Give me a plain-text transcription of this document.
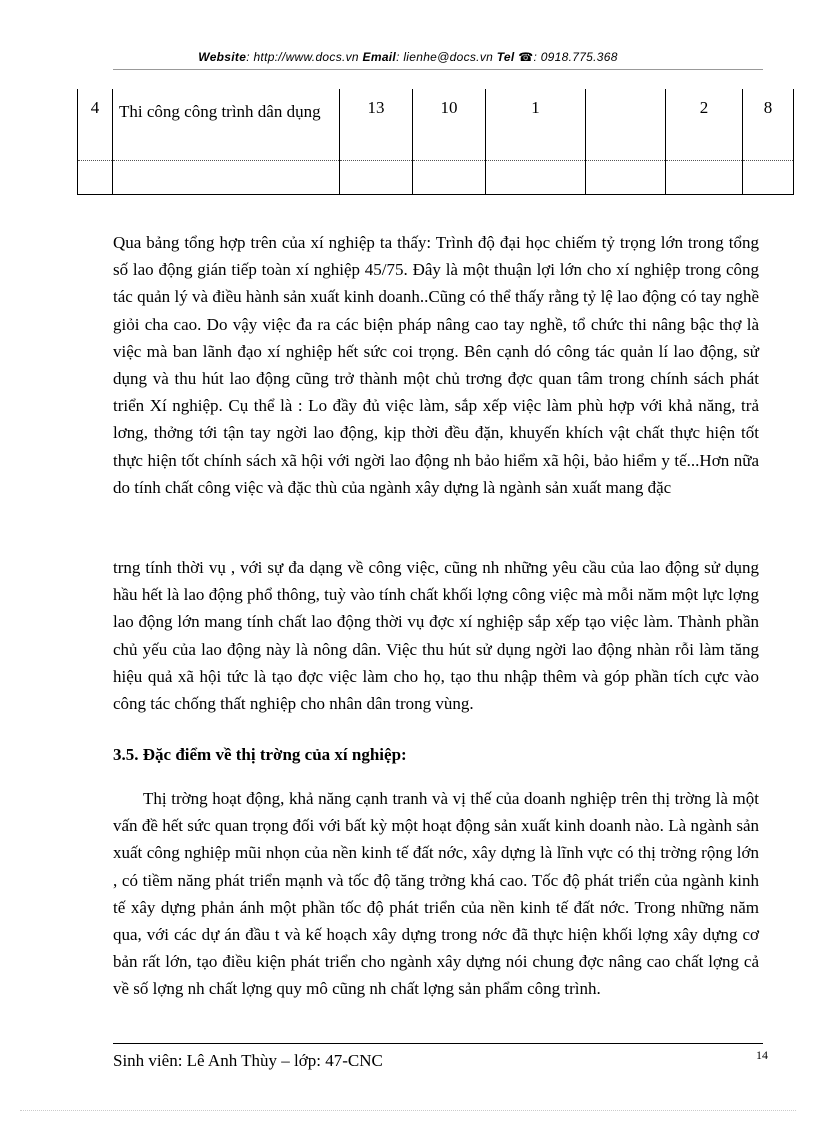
Website: http://www.docs.vn Email: lienhe@docs.vn Tel ☎: 0918.775.368
4	Thi công công trình dân dụng	13	10	1		2	8

Qua bảng tổng hợp trên của xí nghiệp ta thấy: Trình độ đại học chiếm tỷ trọng lớn trong tổng số lao động gián tiếp toàn xí nghiệp 45/75. Đây là một thuận lợi lớn cho xí nghiệp trong công tác quản lý và điều hành sản xuất kinh doanh..Cũng có thể thấy rằng tỷ lệ lao động có tay nghề giỏi cha cao. Do vậy việc đa ra các biện pháp nâng cao tay nghề, tổ chức thi nâng bậc thợ là việc mà ban lãnh đạo xí nghiệp hết sức coi trọng. Bên cạnh dó công tác quản lí lao động, sử dụng và thu hút lao động cũng trở thành một chủ trơng đợc quan tâm trong chính sách phát triển Xí nghiệp. Cụ thể là : Lo đầy đủ việc làm, sắp xếp việc làm phù hợp với khả năng, trả lơng, thởng tới tận tay ngời lao động, kịp thời đều đặn, khuyến khích vật chất thực hiện tốt thực hiện tốt chính sách xã hội với ngời lao động nh bảo hiểm xã hội, bảo hiểm y tế...Hơn nữa do tính chất công việc và đặc thù của ngành xây dựng là ngành sản xuất mang đặc
trng tính thời vụ , với sự đa dạng về công việc, cũng nh những yêu cầu của lao động sử dụng hầu hết là lao động phổ thông, tuỳ vào tính chất khối lợng công việc mà mỗi năm một lực lợng lao động lớn mang tính chất lao động thời vụ đợc xí nghiệp sắp xếp tạo việc làm. Thành phần chủ yếu của lao động này là nông dân. Việc thu hút sử dụng ngời lao động nhàn rỗi làm tăng hiệu quả xã hội tức là tạo đợc việc làm cho họ, tạo thu nhập thêm và góp phần tích cực vào công tác chống thất nghiệp cho nhân dân trong vùng.
3.5. Đặc điểm về thị trờng của xí nghiệp:
Thị trờng hoạt động, khả năng cạnh tranh và vị thế của doanh nghiệp trên thị trờng là một vấn đề hết sức quan trọng đối với bất kỳ một hoạt động sản xuất kinh doanh nào. Là ngành sản xuất công nghiệp mũi nhọn của nền kinh tế đất nớc, xây dựng là lĩnh vực có thị trờng rộng lớn , có tiềm năng phát triển mạnh và tốc độ tăng trởng khá cao. Tốc độ phát triển của ngành kinh tế xây dựng phản ánh một phần tốc độ phát triển của nền kinh tế đất nớc. Trong những năm qua, với các dự án đầu t và kế hoạch xây dựng trong nớc đã thực hiện khối lợng xây dựng cơ bản rất lớn, tạo điều kiện phát triển cho ngành xây dựng nói chung đợc nâng cao chất lợng cả về số lợng nh chất lợng quy mô cũng nh chất lợng sản phẩm công trình.
14
Sinh viên: Lê Anh Thùy – lớp: 47-CNC
